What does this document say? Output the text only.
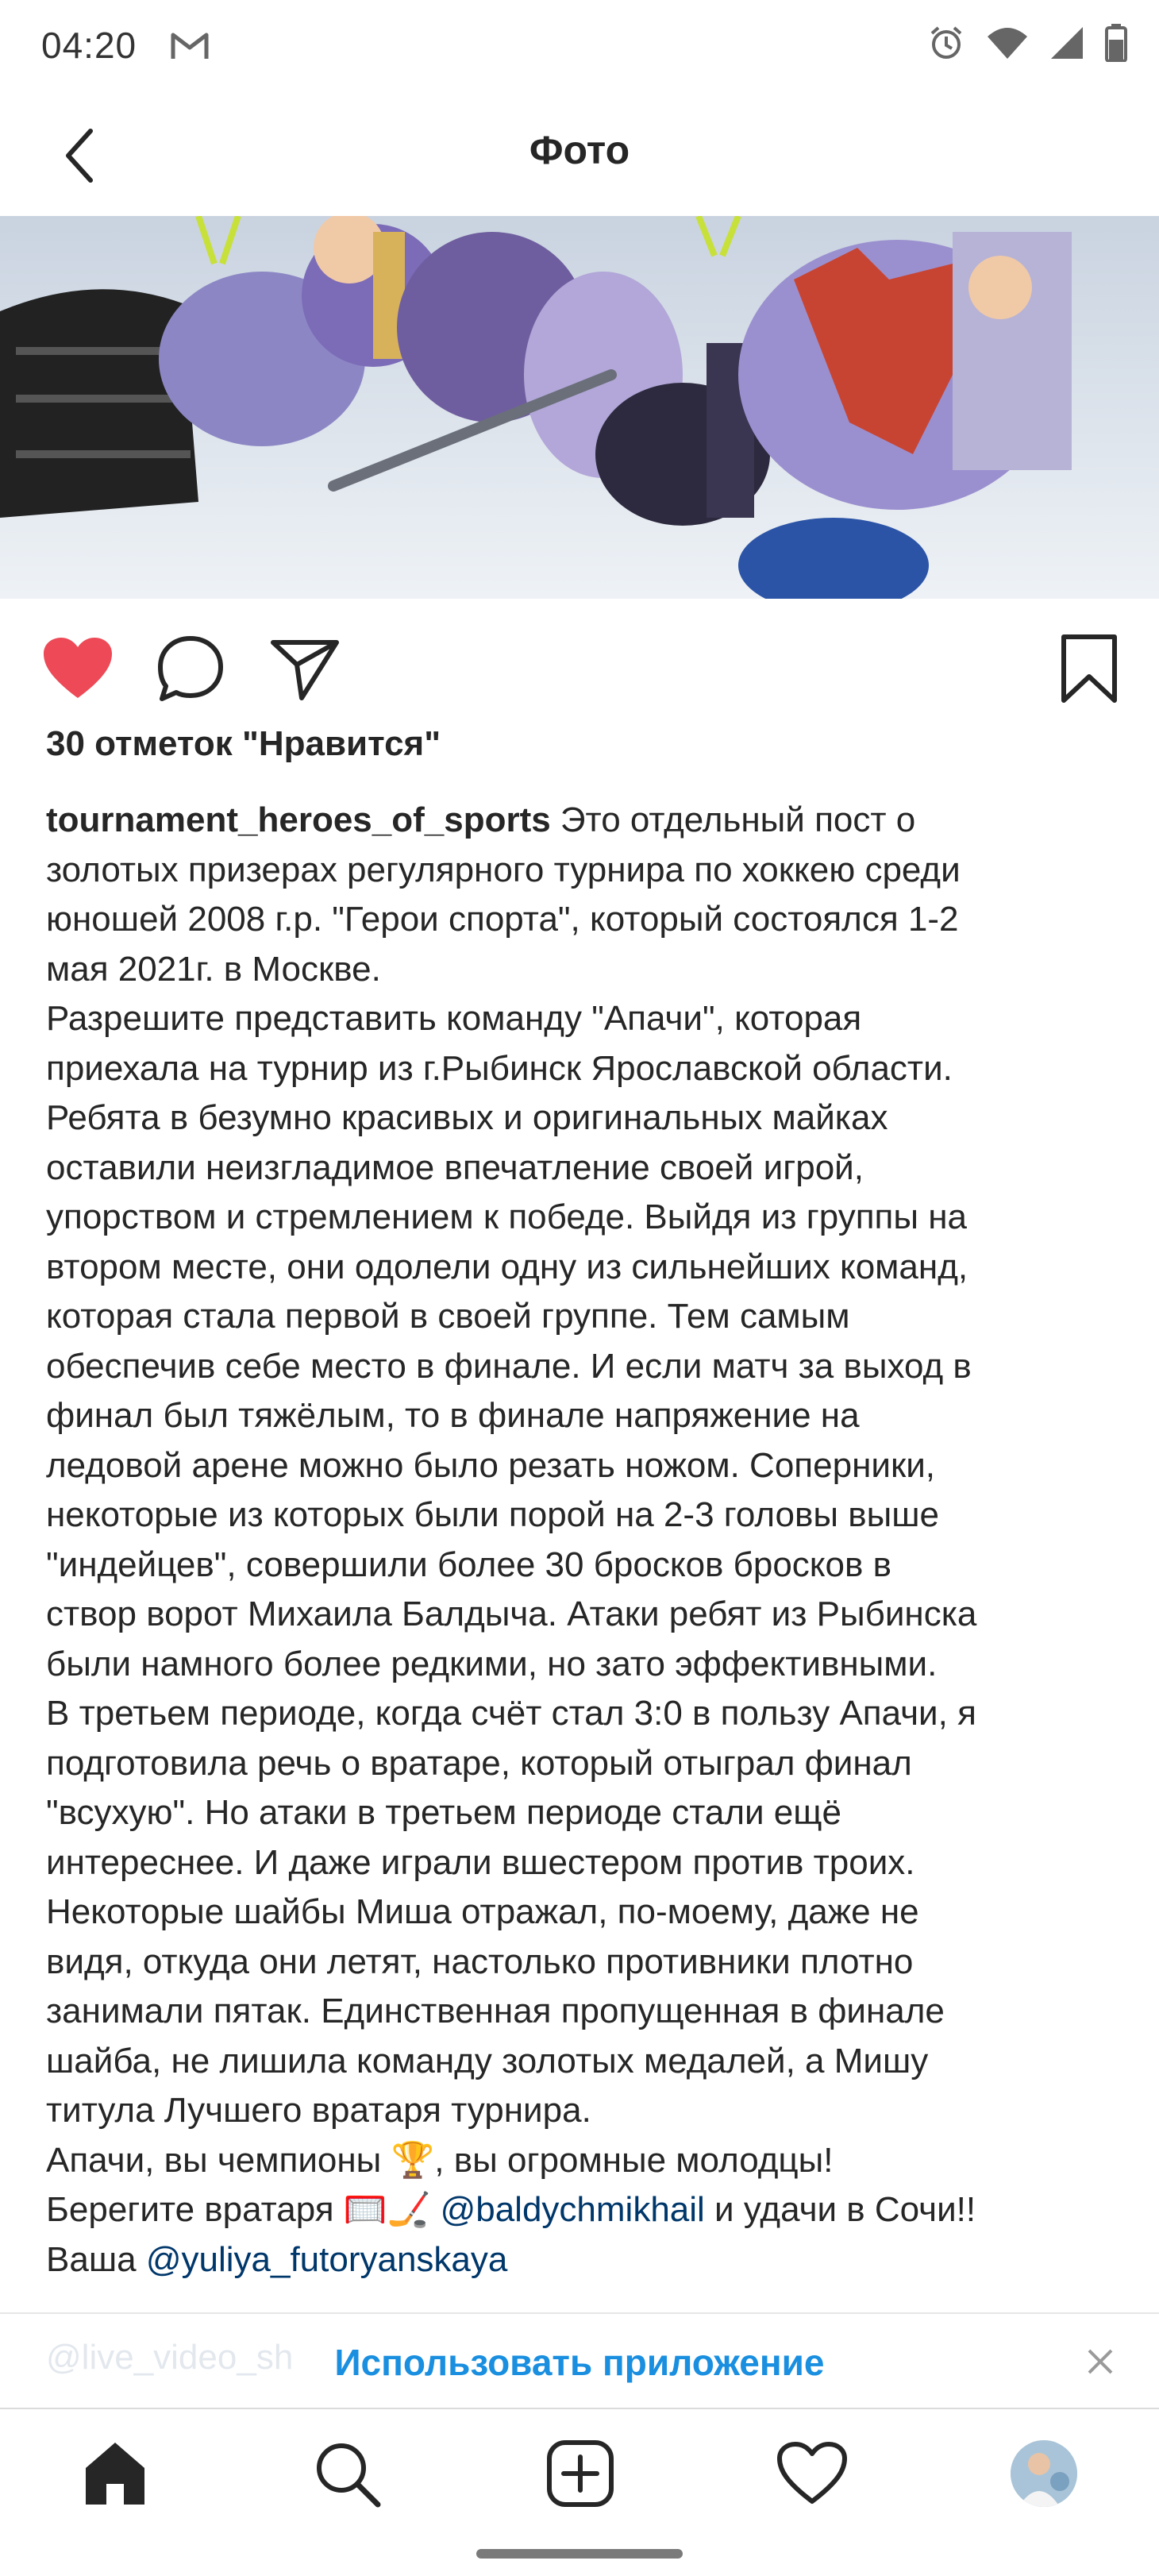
04:20
Фото
30 отметок "Нравится"
tournament_heroes_of_sports Это отдельный пост о
золотых призерах регулярного турнира по хоккею среди
юношей 2008 г.р. "Герои спорта", который состоялся 1-2
мая 2021г. в Москве.
Разрешите представить команду "Апачи", которая
приехала на турнир из г.Рыбинск Ярославской области.
Ребята в безумно красивых и оригинальных майках
оставили неизгладимое впечатление своей игрой,
упорством и стремлением к победе. Выйдя из группы на
втором месте, они одолели одну из сильнейших команд,
которая стала первой в своей группе. Тем самым
обеспечив себе место в финале. И если матч за выход в
финал был тяжёлым, то в финале напряжение на
ледовой арене можно было резать ножом. Соперники,
некоторые из которых были порой на 2-3 головы выше
"индейцев", совершили более 30 бросков бросков в
створ ворот Михаила Балдыча. Атаки ребят из Рыбинска
были намного более редкими, но зато эффективными.
В третьем периоде, когда счёт стал 3:0 в пользу Апачи, я
подготовила речь о вратаре, который отыграл финал
"всухую". Но атаки в третьем периоде стали ещё
интереснее. И даже играли вшестером против троих.
Некоторые шайбы Миша отражал, по-моему, даже не
видя, откуда они летят, настолько противники плотно
занимали пятак. Единственная пропущенная в финале
шайба, не лишила команду золотых медалей, а Мишу
титула Лучшего вратаря турнира.
Апачи, вы чемпионы 🏆, вы огромные молодцы!
Берегите вратаря 🥅🏒 @baldychmikhail и удачи в Сочи!!
Ваша @yuliya_futoryanskaya
@live_video_sh	Использовать приложение
